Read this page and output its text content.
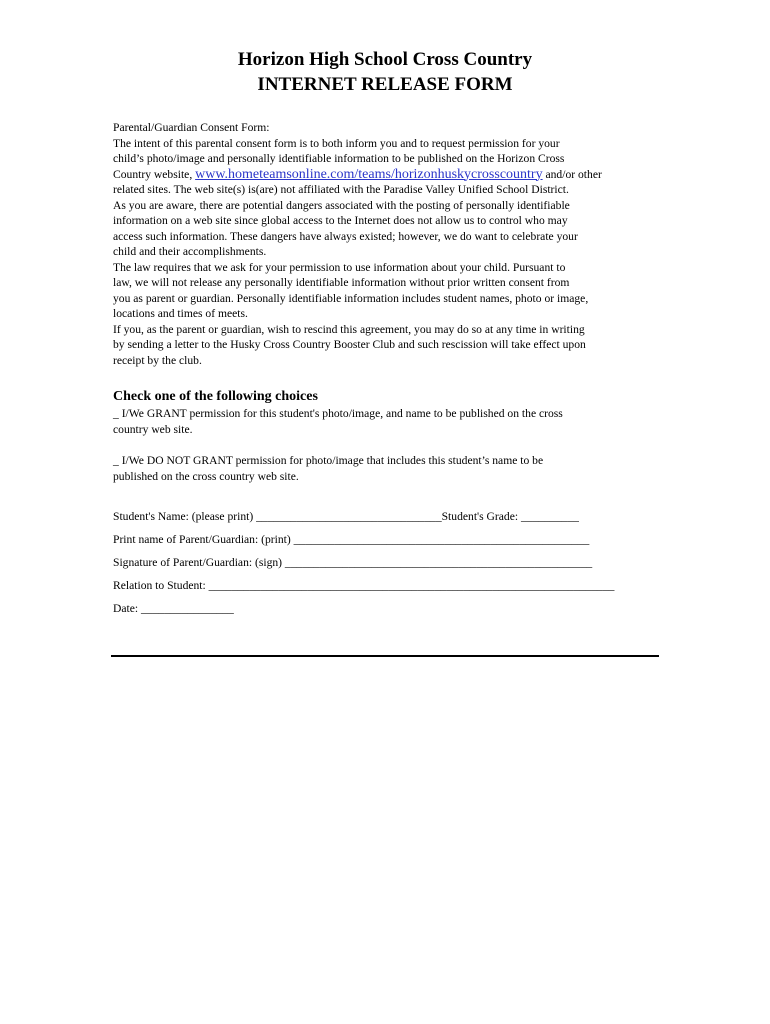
Horizon High School Cross Country
INTERNET RELEASE FORM

Parental/Guardian Consent Form:

The intent of this parental consent form is to both inform you and to request permission for your

child’s photo/image and personally identifiable information to be published on the Horizon Cross

Country website, www.hometeamsonline.com/teams/horizonhuskycrosscountry and/or other

related sites. The web site(s) is(are) not affiliated with the Paradise Valley Unified School District.

As you are aware, there are potential dangers associated with the posting of personally identifiable

information on a web site since global access to the Internet does not allow us to control who may

access such information. These dangers have always existed; however, we do want to celebrate your

child and their accomplishments.

The law requires that we ask for your permission to use information about your child. Pursuant to

law, we will not release any personally identifiable information without prior written consent from

you as parent or guardian. Personally identifiable information includes student names, photo or image,

locations and times of meets.

If you, as the parent or guardian, wish to rescind this agreement, you may do so at any time in writing

by sending a letter to the Husky Cross Country Booster Club and such rescission will take effect upon

receipt by the club.

Check one of the following choices

_ I/We GRANT permission for this student's photo/image, and name to be published on the cross

country web site.

_ I/We DO NOT GRANT permission for photo/image that includes this student’s name to be

published on the cross country web site.

Student's Name: (please print) ________________________________Student's Grade: __________

Print name of Parent/Guardian: (print) ___________________________________________________

Signature of Parent/Guardian: (sign) _____________________________________________________

Relation to Student: ______________________________________________________________________

Date: ________________
